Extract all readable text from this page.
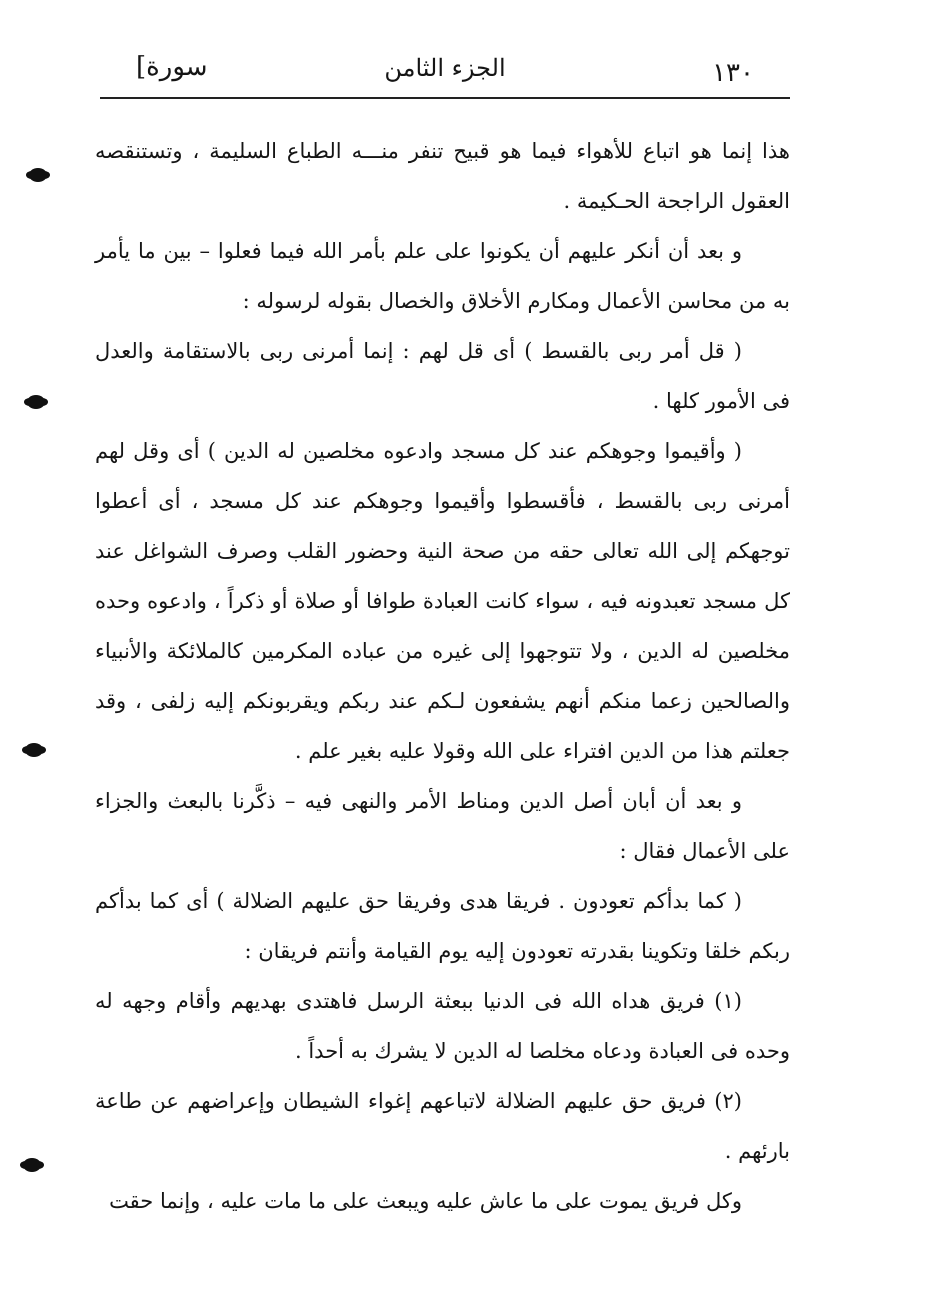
[سورة	الجزء الثامن	١٣٠

هذا إنما هو اتباع للأهواء فيما هو قبيح تنفر منـــه الطباع السليمة ، وتستنقصه العقول الراجحة الحـكيمة .

و بعد أن أنكر عليهم أن يكونوا على علم بأمر الله فيما فعلوا – بين ما يأمر به من محاسن الأعمال ومكارم الأخلاق والخصال بقوله لرسوله :

( قل أمر ربى بالقسط ) أى قل لهم : إنما أمرنى ربى بالاستقامة والعدل فى الأمور كلها .

( وأقيموا وجوهكم عند كل مسجد وادعوه مخلصين له الدين ) أى وقل لهم أمرنى ربى بالقسط ، فأقسطوا وأقيموا وجوهكم عند كل مسجد ، أى أعطوا توجهكم إلى الله تعالى حقه من صحة النية وحضور القلب وصرف الشواغل عند كل مسجد تعبدونه فيه ، سواء كانت العبادة طوافا أو صلاة أو ذكراً ، وادعوه وحده مخلصين له الدين ، ولا تتوجهوا إلى غيره من عباده المكرمين كالملائكة والأنبياء والصالحين زعما منكم أنهم يشفعون لـكم عند ربكم ويقربونكم إليه زلفى ، وقد جعلتم هذا من الدين افتراء على الله وقولا عليه بغير علم .

و بعد أن أبان أصل الدين ومناط الأمر والنهى فيه – ذكَّرنا بالبعث والجزاء على الأعمال فقال :

( كما بدأكم تعودون . فريقا هدى وفريقا حق عليهم الضلالة ) أى كما بدأكم ربكم خلقا وتكوينا بقدرته تعودون إليه يوم القيامة وأنتم فريقان :

(١) فريق هداه الله فى الدنيا ببعثة الرسل فاهتدى بهديهم وأقام وجهه له وحده فى العبادة ودعاه مخلصا له الدين لا يشرك به أحداً .

(٢) فريق حق عليهم الضلالة لاتباعهم إغواء الشيطان وإعراضهم عن طاعة بارئهم .

وكل فريق يموت على ما عاش عليه ويبعث على ما مات عليه ، وإنما حقت
